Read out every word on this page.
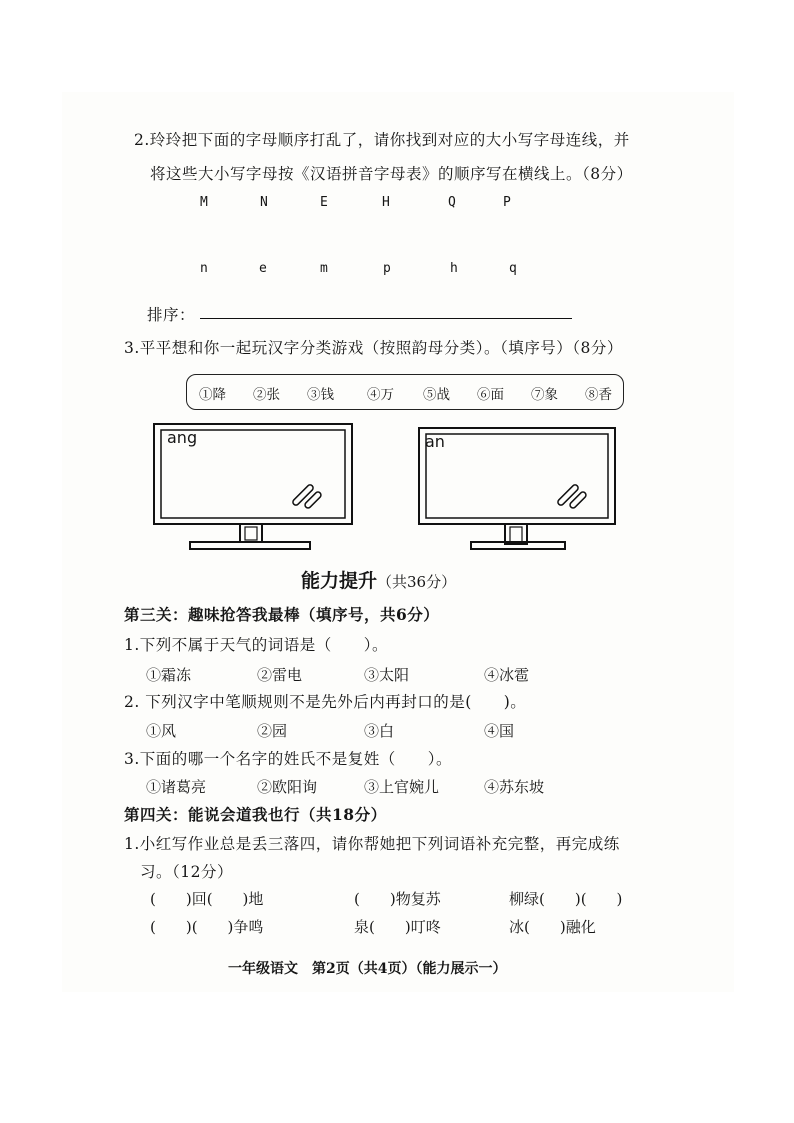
2.玲玲把下面的字母顺序打乱了，请你找到对应的大小写字母连线，并
将这些大小写字母按《汉语拼音字母表》的顺序写在横线上。（8分）
M	N	E	H	Q	P
n	e	m	p	h	q
排序：
3.平平想和你一起玩汉字分类游戏（按照韵母分类）。（填序号）（8分）
①降 ②张 ③钱 ④万 ⑤战 ⑥面 ⑦象 ⑧香
ang	an
能力提升（共36分）
第三关：趣味抢答我最棒（填序号，共6分）
1.下列不属于天气的词语是（　　）。
①霜冻	②雷电	③太阳	④冰雹
2. 下列汉字中笔顺规则不是先外后内再封口的是(　　)。
①风	②园	③白	④国
3.下面的哪一个名字的姓氏不是复姓（　　）。
①诸葛亮	②欧阳询	③上官婉儿	④苏东坡
第四关：能说会道我也行（共18分）
1.小红写作业总是丢三落四，请你帮她把下列词语补充完整，再完成练
习。（12分）
(　　)回(　　)地	(　　)物复苏	柳绿(　　)(　　)
(　　)(　　)争鸣	泉(　　)叮咚	冰(　　)融化
一年级语文　第2页（共4页）（能力展示一）
